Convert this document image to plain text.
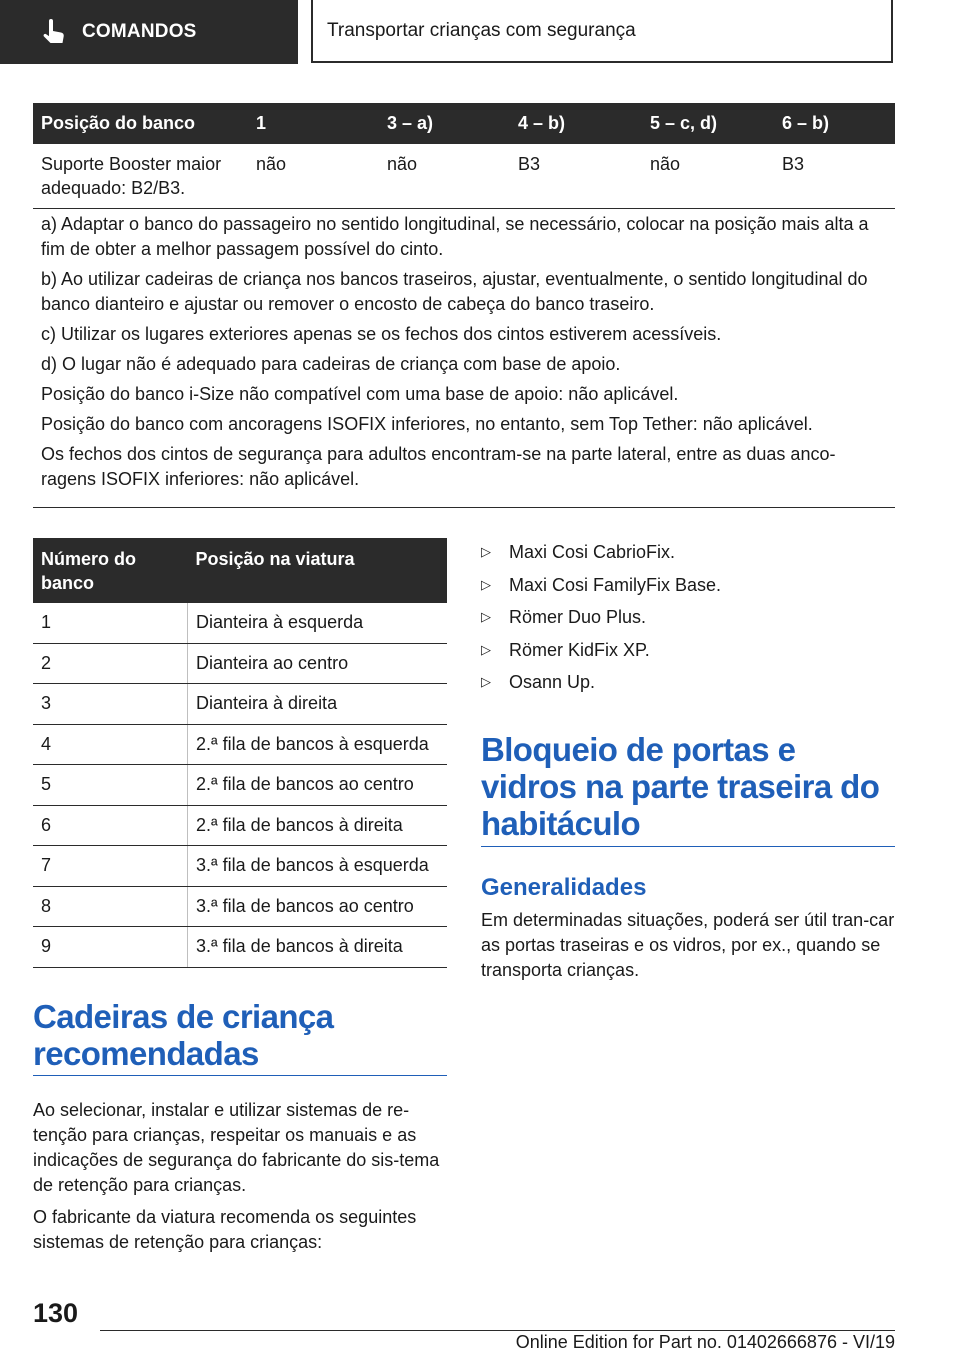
COMANDOS	Transportar crianças com segurança
Posição do banco	1	3 – a)	4 – b)	5 – c, d)	6 – b)
Suporte Booster maior adequado: B2/B3.	não	não	B3	não	B3

a) Adaptar o banco do passageiro no sentido longitudinal, se necessário, colocar na posição mais alta a fim de obter a melhor passagem possível do cinto.

b) Ao utilizar cadeiras de criança nos bancos traseiros, ajustar, eventualmente, o sentido longitudinal do banco dianteiro e ajustar ou remover o encosto de cabeça do banco traseiro.

c) Utilizar os lugares exteriores apenas se os fechos dos cintos estiverem acessíveis.

d) O lugar não é adequado para cadeiras de criança com base de apoio.

Posição do banco i-Size não compatível com uma base de apoio: não aplicável.

Posição do banco com ancoragens ISOFIX inferiores, no entanto, sem Top Tether: não aplicável.

Os fechos dos cintos de segurança para adultos encontram-se na parte lateral, entre as duas anco-ragens ISOFIX inferiores: não aplicável.

Número do banco	Posição na viatura
1	Dianteira à esquerda
2	Dianteira ao centro
3	Dianteira à direita
4	2.ª fila de bancos à esquerda
5	2.ª fila de bancos ao centro
6	2.ª fila de bancos à direita
7	3.ª fila de bancos à esquerda
8	3.ª fila de bancos ao centro
9	3.ª fila de bancos à direita
Cadeiras de criança recomendadas

Ao selecionar, instalar e utilizar sistemas de re-tenção para crianças, respeitar os manuais e as indicações de segurança do fabricante do sis-tema de retenção para crianças.

O fabricante da viatura recomenda os seguintes sistemas de retenção para crianças:

▷	Maxi Cosi CabrioFix.
▷	Maxi Cosi FamilyFix Base.
▷	Römer Duo Plus.
▷	Römer KidFix XP.
▷	Osann Up.
Bloqueio de portas e vidros na parte traseira do habitáculo
Generalidades

Em determinadas situações, poderá ser útil tran-car as portas traseiras e os vidros, por ex., quando se transporta crianças.

130
Online Edition for Part no. 01402666876 - VI/19
